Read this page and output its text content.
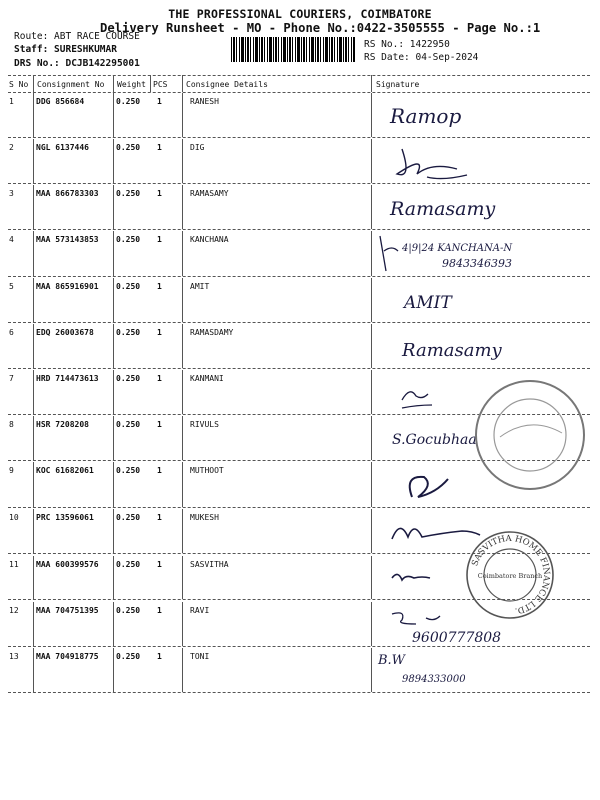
THE PROFESSIONAL COURIERS, COIMBATORE
Delivery Runsheet - MO - Phone No.:0422-3505555 - Page No.:1
Route: ABT RACE COURSE
Staff: SURESHKUMAR
DRS No.: DCJB142295001
RS No.: 1422950
RS Date: 04-Sep-2024
S No Consignment No Weight PCS Consignee Details	Signature
1	DDG 856684	0.250 1	RANESH
Ramop
2	NGL 6137446	0.250 1	DIG
3	MAA 866783303 0.250 1	RAMASAMY
Ramasamy
4	MAA 573143853 0.250 1	KANCHANA
4|9|24 KANCHANA-N
9843346393
5	MAA 865916901 0.250 1	AMIT
AMIT
6	EDQ 26003678	0.250 1	RAMASDAMY
Ramasamy
7	HRD 714473613 0.250 1	KANMANI
8	HSR 7208208	0.250 1	RIVULS
S.Gocubhaa
9	KOC 61682061	0.250 1	MUTHOOT
10 PRC 13596061	0.250 1	MUKESH
11 MAA 600399576 0.250 1	SASVITHA
12 MAA 704751395 0.250 1	RAVI
9600777808
13 MAA 704918775 0.250 1	TONI	B.W
9894333000
SASVITHA HOME FINANCE LTD.
Coimbatore Branch
